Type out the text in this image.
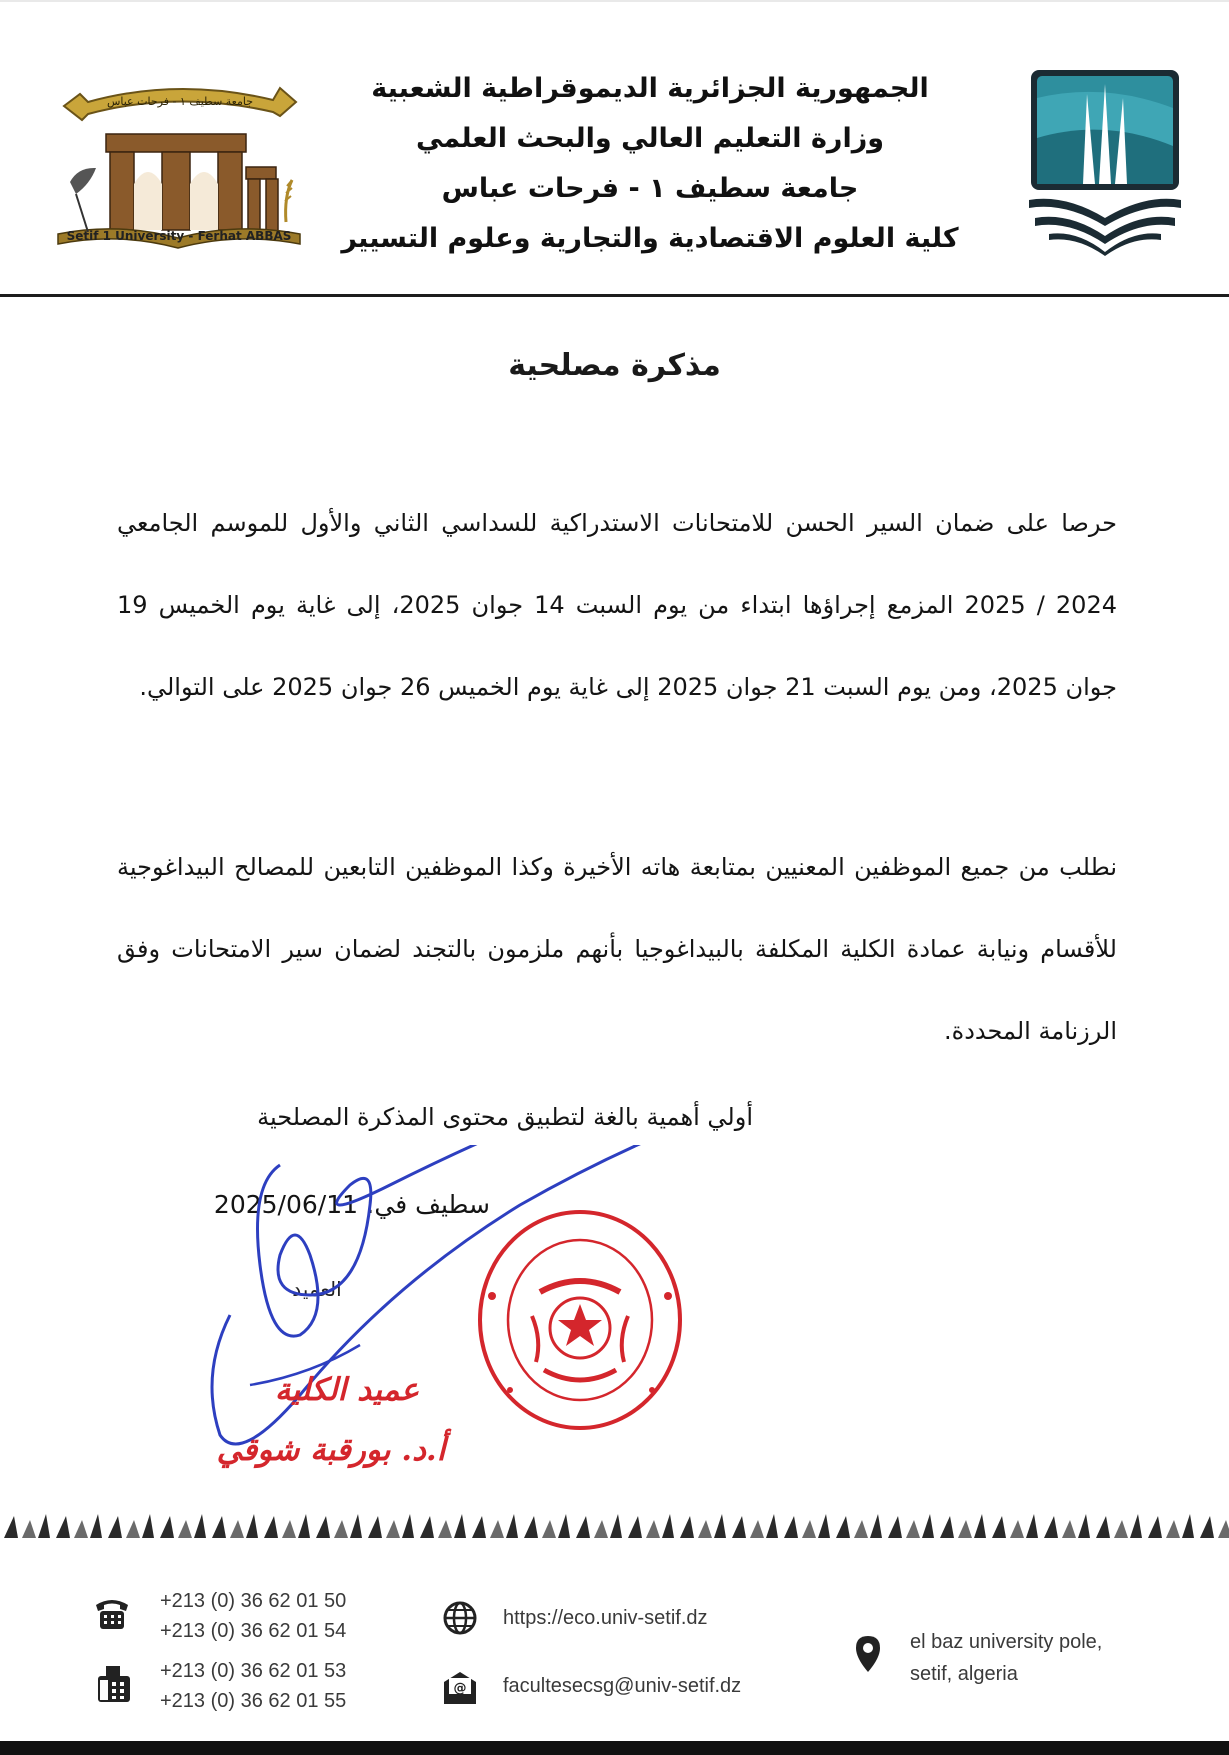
جامعة سطيف ١ - فرحات عباس
Setif 1 University - Ferhat ABBAS
الجمهورية الجزائرية الديموقراطية الشعبية
وزارة التعليم العالي والبحث العلمي
جامعة سطيف ١ - فرحات عباس
كلية العلوم الاقتصادية والتجارية وعلوم التسيير
مذكرة مصلحية
حرصا على ضمان السير الحسن للامتحانات الاستدراكية للسداسي الثاني والأول للموسم الجامعي 2024 / 2025 المزمع إجراؤها ابتداء من يوم السبت 14 جوان 2025، إلى غاية يوم الخميس 19 جوان 2025، ومن يوم السبت 21 جوان 2025 إلى غاية يوم الخميس 26 جوان 2025 على التوالي.
نطلب من جميع الموظفين المعنيين بمتابعة هاته الأخيرة وكذا الموظفين التابعين للمصالح البيداغوجية للأقسام ونيابة عمادة الكلية المكلفة بالبيداغوجيا بأنهم ملزمون بالتجند لضمان سير الامتحانات وفق الرزنامة المحددة.
أولي أهمية بالغة لتطبيق محتوى المذكرة المصلحية
سطيف في: 2025/06/11
العميد
عميد الكلية
أ.د. بورقبة شوقي
+213 (0) 36 62 01 50
+213 (0) 36 62 01 54
+213 (0) 36 62 01 53
+213 (0) 36 62 01 55
https://eco.univ-setif.dz
@ facultesecsg@univ-setif.dz
el baz university pole,
setif, algeria
